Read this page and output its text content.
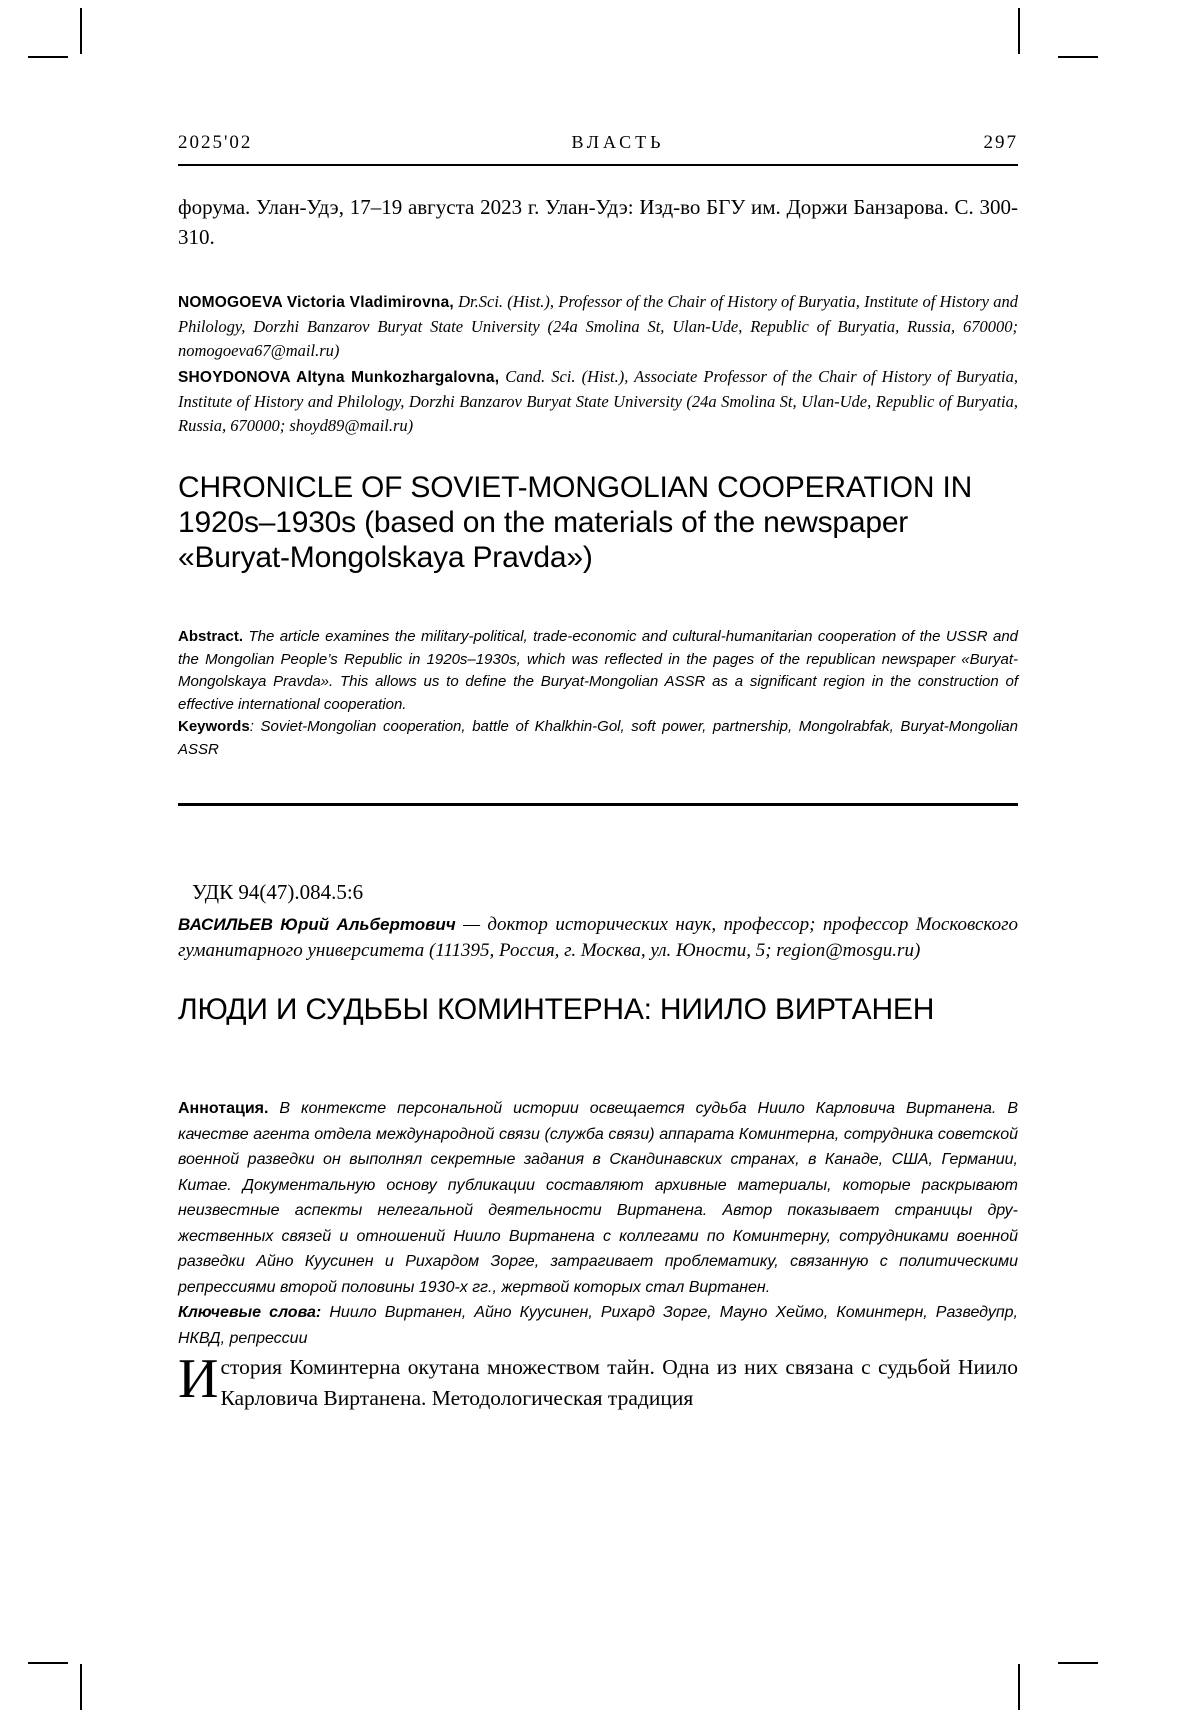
2025'02	ВЛАСТЬ	297
форума. Улан-Удэ, 17–19 августа 2023 г. Улан-Удэ: Изд-во БГУ им. Доржи Банзарова. С. 300-310.

NOMOGOEVA Victoria Vladimirovna, Dr.Sci. (Hist.), Professor of the Chair of History of Buryatia, Institute of History and Philology, Dorzhi Banzarov Buryat State University (24a Smolina St, Ulan-Ude, Republic of Buryatia, Russia, 670000; nomogoeva67@mail.ru)

SHOYDONOVA Altyna Munkozhargalovna, Cand. Sci. (Hist.), Associate Professor of the Chair of History of Buryatia, Institute of History and Philology, Dorzhi Banzarov Buryat State University (24a Smolina St, Ulan-Ude, Republic of Buryatia, Russia, 670000; shoyd89@mail.ru)

CHRONICLE OF SOVIET-MONGOLIAN COOPERATION IN 1920s–1930s (based on the materials of the newspaper «Buryat-Mongolskaya Pravda»)

Abstract. The article examines the military-political, trade-economic and cultural-humanitarian cooperation of the USSR and the Mongolian People’s Republic in 1920s–1930s, which was reflected in the pages of the republican newspaper «Buryat-Mongolskaya Pravda». This allows us to define the Buryat-Mongolian ASSR as a significant region in the construction of effective international cooperation.

Keywords: Soviet-Mongolian cooperation, battle of Khalkhin-Gol, soft power, partnership, Mongolrabfak, Buryat-Mongolian ASSR

УДК 94(47).084.5:6
ВАСИЛЬЕВ Юрий Альбертович — доктор исторических наук, профессор; профессор Московского гуманитарного университета (111395, Россия, г. Москва, ул. Юности, 5; region@mosgu.ru)
ЛЮДИ И СУДЬБЫ КОМИНТЕРНА: НИИЛО ВИРТАНЕН

Аннотация. В контексте персональной истории освещается судьба Ниило Карловича Виртанена. В качестве агента отдела международной связи (служба связи) аппарата Коминтерна, сотрудника советской военной разведки он выполнял секретные задания в Скандинавских странах, в Канаде, США, Германии, Китае. Документальную основу публикации составляют архивные материалы, которые раскрывают неизвестные аспекты нелегальной деятельности Виртанена. Автор показывает страницы дружественных связей и отношений Ниило Виртанена с коллегами по Коминтерну, сотрудниками военной разведки Айно Куусинен и Рихардом Зорге, затрагивает проблематику, связанную с политическими репрессиями второй половины 1930-х гг., жертвой которых стал Виртанен.

Ключевые слова: Ниило Виртанен, Айно Куусинен, Рихард Зорге, Мауно Хеймо, Коминтерн, Разведупр, НКВД, репрессии

История Коминтерна окутана множеством тайн. Одна из них связана с судьбой Ниило Карловича Виртанена. Методологическая традиция
